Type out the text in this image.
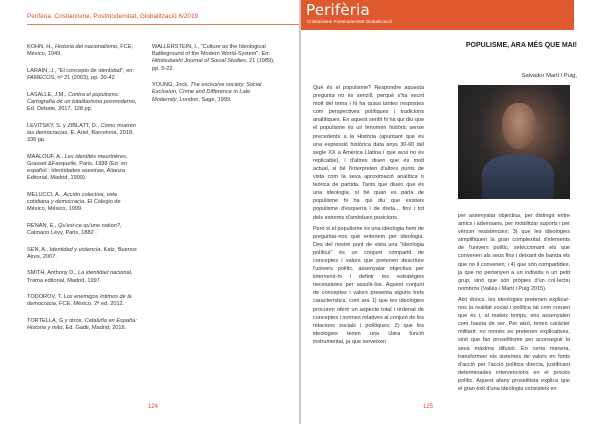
Perifèria. Cristianisme, Postmodernitat, Globalització 6/2019

KOHN, H., Historia del nacionalismo, FCE, México, 1949.

LARAIN, J., "El concepto de identidad", en: FAMECOS, nº 21 (2003), pp. 30-42

LASALLE, J.M., Contra el populismo. Cartografía de un totalitarismo posmoderno, Ed. Debate, 2017, 128 pp.

LEVITSKY, S. y ZIBLATT, D., Cómo mueren las democracias, E. Ariel, Barcelona, 2018, 336 pp.

MAALOUF, A., Les identités meurtrières, Grasset &Fasquelle, Paris, 1998 (Ed. en español : Identidades asesinas, Alianza Editorial, Madrid, 1999).

MELUCCI, A., Acción colectiva, vida cotidiana y democracia. El Colegio de México, México, 1999.

RENAN, E., Qu'est-ce qu'une nation?, Calmann Lévy, Paris, 1882 .

SEN, A., Identidad y violencia, Katz, Buenos Aires, 2007.

SMITH, Anthony D., La identidad nacional, Trama editorial, Madrid, 1997.

TODOROV, T. Los enemigos íntimos de la democracia, FCE, México, 2ª ed. 2012.

TORTELLA, G y otros, Cataluña en España: Historia y mito, Ed. Gadir, Madrid, 2016.

WALLERSTEIN, I., "Culture as the Ideological Battleground of the Modern World-System". En: Hitotsubashi Journal of Social Studies, 21 (1989), pp. 5-22.

YOUNG, Jock, The exclusive society. Social Exclusion, Crime and Difference in Late Modernity, London, Sage, 1999.

124
Perifèria
Cristianisme Postmodernitat Globalització
POPULISME, ARA MÉS QUE MAI!
Salvador Martí i Puig,

Què és el populisme? Respondre aquesta pregunta no és senzill, perquè s'ha escrit molt del tema i hi ha quasi tantes respostes com perspectives polítiques i tradicions analítiques. En aquest sentit hi ha qui diu que el populisme és un fenomen històric sense precedents a la Història (apuntant que és una expressió històrica data anys 30-60 del segle XX a Amèrica Llatina i que avui no és replicable), i d'altres diuen que és molt actual, si bé l'interpreten d'altres punts de vista com la seva aproximació analítica o teòrica de partida. Tants que diuen que és una ideologia, sí bé quan es parla de populisme hi ha qui diu que existeix populisme d'esquerra i de dreta... fins i tot dels extrems d'ambdues posicions.

Però si el populisme és una ideologia hem de preguntar-nos què entenem per ideologia. Des del nostre punt de vista una "ideologia política" és un conjunt compartit de conceptes i valors que pretenen descriure l'univers polític, assenyalar objectius per intervenir-hi i definir les estratègies necessàries per assolir-los. Aquest conjunt de conceptes i valors presenta alguns trets característics, com ara 1) que les ideologies procuren oferir un aspecte total i ordenat de conceptes i normes relatives al conjunt de les relacions socials i polítiques; 2) que les ideologies tenen una clara funció instrumental, ja que serveixen

per assenyalar objectius, per distingir entre amics i adversaris, per mobilitzar suports i per vèncer resistències; 3) que les ideologies simplifiquen la gran complexitat d'elements de l'univers polític, seleccionant els que convenen als seus fins i deixant de banda els que no li convenen; i 4) que són compartides, ja que no pertanyen a un individu o un petit grup, sinó que són pròpies d'un col·lectiu nombrós (Vallès i Martí i Puig 2015).

Així doncs, les ideologies pretenen explicar-nos la realitat social i política tal com creuen que és i, al mateix temps, ens assenyalen com hauria de ser. Per això, tenen caràcter militant: no només es pretenen explicatives, sinó que fan proselitisme per aconseguir la seva màxima difusió. En certa manera, transformen els sistemes de valors en fonts d'acció per l'acció política directa, justificant determinades intervencions en el procés polític. Aquest afany proselitista explica que el gran èxit d'una ideologia consisteix en

125
